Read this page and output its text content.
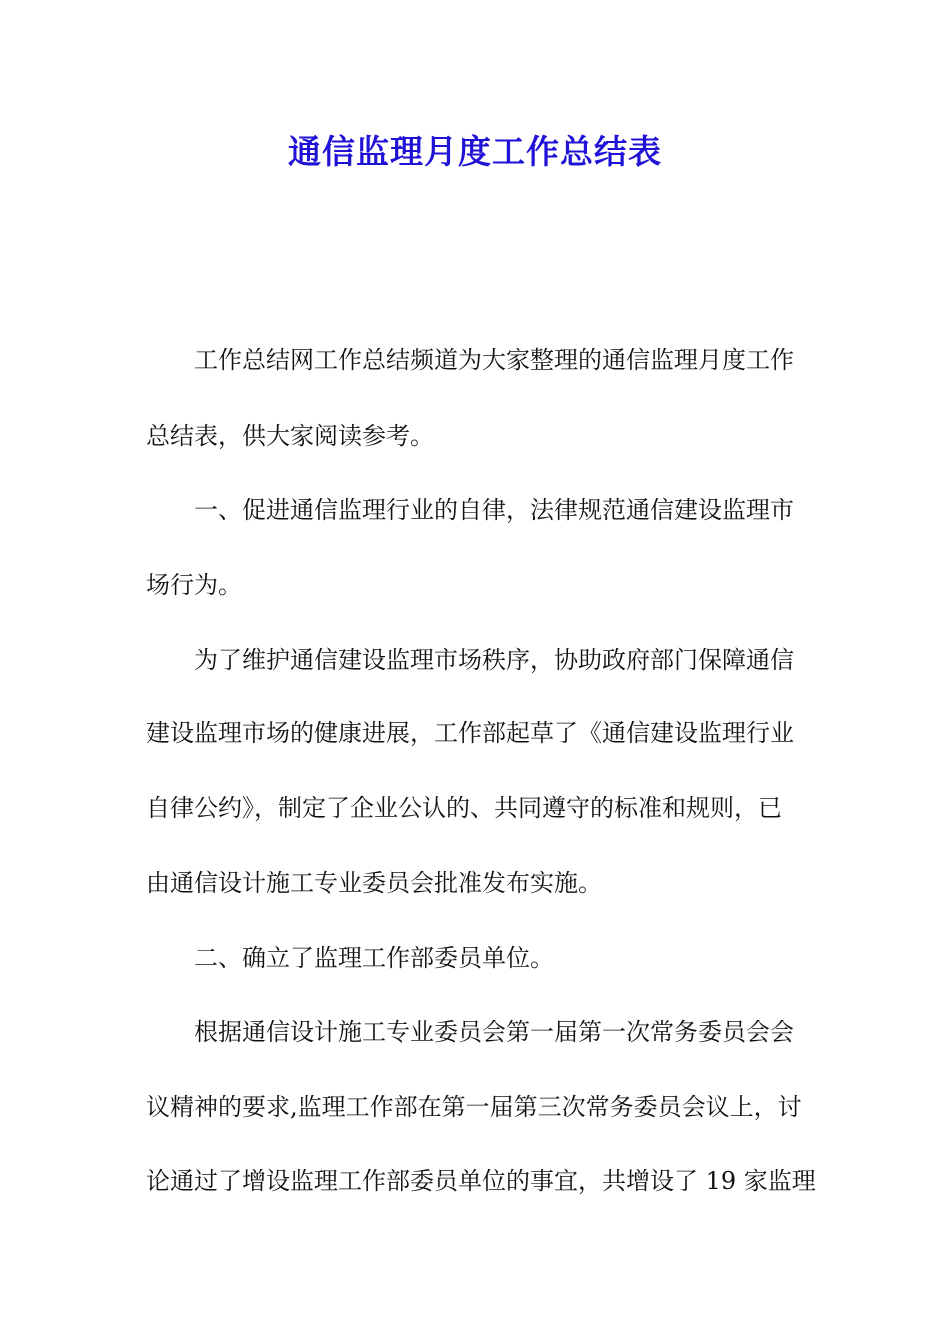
通信监理月度工作总结表

工作总结网工作总结频道为大家整理的通信监理月度工作

总结表，供大家阅读参考。

一、促进通信监理行业的自律，法律规范通信建设监理市

场行为。

为了维护通信建设监理市场秩序，协助政府部门保障通信

建设监理市场的健康进展，工作部起草了《通信建设监理行业

自律公约》，制定了企业公认的、共同遵守的标准和规则，已

由通信设计施工专业委员会批准发布实施。

二、确立了监理工作部委员单位。

根据通信设计施工专业委员会第一届第一次常务委员会会

议精神的要求,监理工作部在第一届第三次常务委员会议上，讨

论通过了增设监理工作部委员单位的事宜，共增设了 19 家监理
